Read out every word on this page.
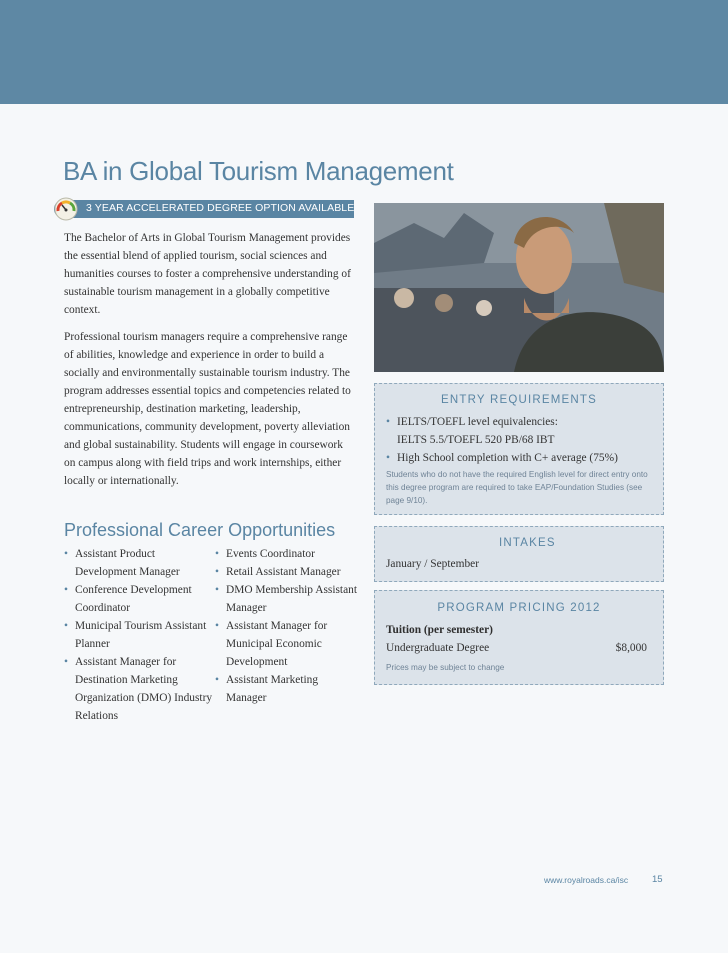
BA in Global Tourism Management
3 YEAR ACCELERATED DEGREE OPTION AVAILABLE

The Bachelor of Arts in Global Tourism Management provides the essential blend of applied tourism, social sciences and humanities courses to foster a comprehensive understanding of sustainable tourism management in a globally competitive context.

Professional tourism managers require a comprehensive range of abilities, knowledge and experience in order to build a socially and environmentally sustainable tourism industry. The program addresses essential topics and competencies related to entrepreneurship, destination marketing, leadership, communications, community development, poverty alleviation and global sustainability. Students will engage in coursework on campus along with field trips and work internships, either locally or internationally.

Professional Career Opportunities
• Assistant Product Development Manager
• Conference Development Coordinator
• Municipal Tourism Assistant Planner
• Assistant Manager for Destination Marketing Organization (DMO) Industry Relations
• Events Coordinator
• Retail Assistant Manager
• DMO Membership Assistant Manager
• Assistant Manager for Municipal Economic Development
• Assistant Marketing Manager
ENTRY REQUIREMENTS
• IELTS/TOEFL level equivalencies:
IELTS 5.5/TOEFL 520 PB/68 IBT
• High School completion with C+ average (75%)
Students who do not have the required English level for direct entry onto this degree program are required to take EAP/Foundation Studies (see page 9/10).
INTAKES
January / September
PROGRAM PRICING 2012
Tuition (per semester)
Undergraduate Degree	$8,000
Prices may be subject to change
www.royalroads.ca/isc	15
